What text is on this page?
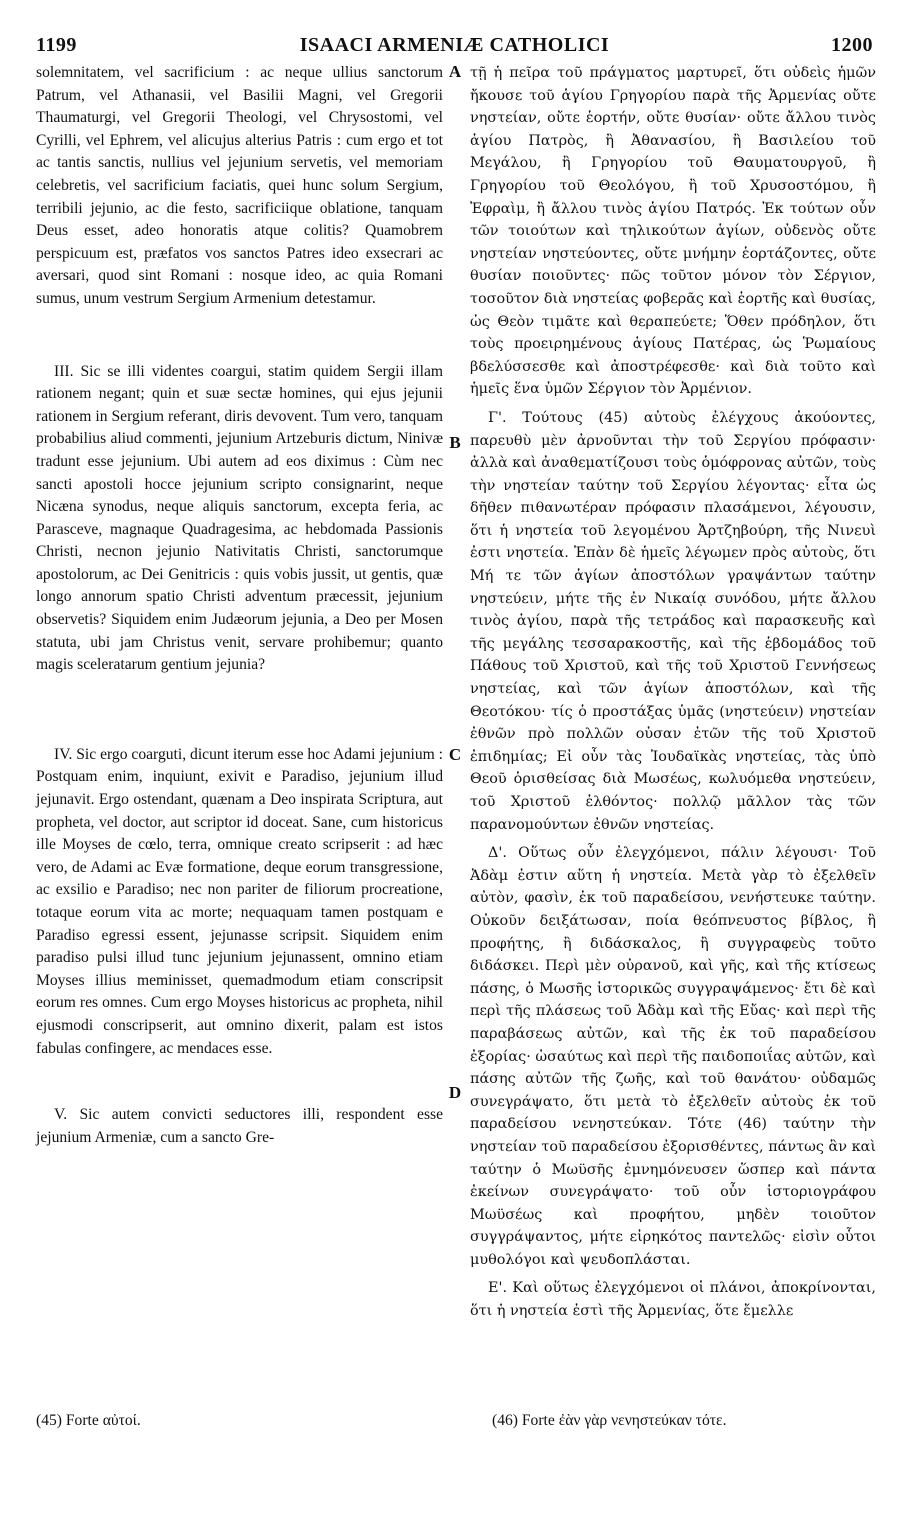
1199	ISAACI ARMENIÆ CATHOLICI	1200

solemnitatem, vel sacrificium : ac neque ullius sanctorum Patrum, vel Athanasii, vel Basilii Magni, vel Gregorii Thaumaturgi, vel Gregorii Theologi, vel Chrysostomi, vel Cyrilli, vel Ephrem, vel alicujus alterius Patris : cum ergo et tot ac tantis sanctis, nullius vel jejunium servetis, vel memoriam celebretis, vel sacrificium faciatis, quei hunc solum Sergium, terribili jejunio, ac die festo, sacrificiique oblatione, tanquam Deus esset, adeo honoratis atque colitis? Quamobrem perspicuum est, præfatos vos sanctos Patres ideo exsecrari ac aversari, quod sint Romani : nosque ideo, ac quia Romani sumus, unum vestrum Sergium Armenium detestamur.

III. Sic se illi videntes coargui, statim quidem Sergii illam rationem negant; quin et suæ sectæ homines, qui ejus jejunii rationem in Sergium referant, diris devovent. Tum vero, tanquam probabilius aliud commenti, jejunium Artzeburis dictum, Ninivæ tradunt esse jejunium. Ubi autem ad eos diximus : Cùm nec sancti apostoli hocce jejunium scripto consignarint, neque Nicæna synodus, neque aliquis sanctorum, excepta feria, ac Parasceve, magnaque Quadragesima, ac hebdomada Passionis Christi, necnon jejunio Nativitatis Christi, sanctorumque apostolorum, ac Dei Genitricis : quis vobis jussit, ut gentis, quæ longo annorum spatio Christi adventum præcessit, jejunium observetis? Siquidem enim Judæorum jejunia, a Deo per Mosen statuta, ubi jam Christus venit, servare prohibemur; quanto magis sceleratarum gentium jejunia?

IV. Sic ergo coarguti, dicunt iterum esse hoc Adami jejunium : Postquam enim, inquiunt, exivit e Paradiso, jejunium illud jejunavit. Ergo ostendant, quænam a Deo inspirata Scriptura, aut propheta, vel doctor, aut scriptor id doceat. Sane, cum historicus ille Moyses de cœlo, terra, omnique creato scripserit : ad hæc vero, de Adami ac Evæ formatione, deque eorum transgressione, ac exsilio e Paradiso; nec non pariter de filiorum procreatione, totaque eorum vita ac morte; nequaquam tamen postquam e Paradiso egressi essent, jejunasse scripsit. Siquidem enim paradiso pulsi illud tunc jejunium jejunassent, omnino etiam Moyses illius meminisset, quemadmodum etiam conscripsit eorum res omnes. Cum ergo Moyses historicus ac propheta, nihil ejusmodi conscripserit, aut omnino dixerit, palam est istos fabulas confingere, ac mendaces esse.

V. Sic autem convicti seductores illi, respondent esse jejunium Armeniæ, cum a sancto Gre-

A
B
C
D

τῇ ἡ πεῖρα τοῦ πράγματος μαρτυρεῖ, ὅτι οὐδεὶς ἡμῶν ἤκουσε τοῦ ἁγίου Γρηγορίου παρὰ τῆς Ἀρμενίας οὔτε νηστείαν, οὔτε ἑορτήν, οὔτε θυσίαν· οὔτε ἄλλου τινὸς ἁγίου Πατρὸς, ἢ Ἀθανασίου, ἢ Βασιλείου τοῦ Μεγάλου, ἢ Γρηγορίου τοῦ Θαυματουργοῦ, ἢ Γρηγορίου τοῦ Θεολόγου, ἢ τοῦ Χρυσοστόμου, ἢ Ἐφραὶμ, ἢ ἄλλου τινὸς ἁγίου Πατρός. Ἐκ τούτων οὖν τῶν τοιούτων καὶ τηλικούτων ἁγίων, οὐδενὸς οὔτε νηστείαν νηστεύοντες, οὔτε μνήμην ἑορτάζοντες, οὔτε θυσίαν ποιοῦντες· πῶς τοῦτον μόνον τὸν Σέργιον, τοσοῦτον διὰ νηστείας φοβερᾶς καὶ ἑορτῆς καὶ θυσίας, ὡς Θεὸν τιμᾶτε καὶ θεραπεύετε; Ὅθεν πρόδηλον, ὅτι τοὺς προειρημένους ἁγίους Πατέρας, ὡς Ῥωμαίους βδελύσσεσθε καὶ ἀποστρέφεσθε· καὶ διὰ τοῦτο καὶ ἡμεῖς ἕνα ὑμῶν Σέργιον τὸν Ἀρμένιον.

Γ'. Τούτους (45) αὐτοὺς ἐλέγχους ἀκούοντες, παρευθὺ μὲν ἀρνοῦνται τὴν τοῦ Σεργίου πρόφασιν· ἀλλὰ καὶ ἀναθεματίζουσι τοὺς ὁμόφρονας αὐτῶν, τοὺς τὴν νηστείαν ταύτην τοῦ Σεργίου λέγοντας· εἶτα ὡς δῆθεν πιθανωτέραν πρόφασιν πλασάμενοι, λέγουσιν, ὅτι ἡ νηστεία τοῦ λεγομένου Ἀρτζηβούρη, τῆς Νινευὶ ἐστι νηστεία. Ἐπὰν δὲ ἡμεῖς λέγωμεν πρὸς αὐτοὺς, ὅτι Μή τε τῶν ἁγίων ἀποστόλων γραψάντων ταύτην νηστεύειν, μήτε τῆς ἐν Νικαίᾳ συνόδου, μήτε ἄλλου τινὸς ἁγίου, παρὰ τῆς τετράδος καὶ παρασκευῆς καὶ τῆς μεγάλης τεσσαρακοστῆς, καὶ τῆς ἑβδομάδος τοῦ Πάθους τοῦ Χριστοῦ, καὶ τῆς τοῦ Χριστοῦ Γεννήσεως νηστείας, καὶ τῶν ἁγίων ἀποστόλων, καὶ τῆς Θεοτόκου· τίς ὁ προστάξας ὑμᾶς (νηστεύειν) νηστείαν ἐθνῶν πρὸ πολλῶν οὐσαν ἐτῶν τῆς τοῦ Χριστοῦ ἐπιδημίας; Εἰ οὖν τὰς Ἰουδαϊκὰς νηστείας, τὰς ὑπὸ Θεοῦ ὁρισθείσας διὰ Μωσέως, κωλυόμεθα νηστεύειν, τοῦ Χριστοῦ ἐλθόντος· πολλῷ μᾶλλον τὰς τῶν παρανομούντων ἐθνῶν νηστείας.

Δ'. Οὕτως οὖν ἐλεγχόμενοι, πάλιν λέγουσι· Τοῦ Ἀδὰμ ἐστιν αὕτη ἡ νηστεία. Μετὰ γὰρ τὸ ἐξελθεῖν αὐτὸν, φασὶν, ἐκ τοῦ παραδείσου, νενήστευκε ταύτην. Οὐκοῦν δειξάτωσαν, ποία θεόπνευστος βίβλος, ἢ προφήτης, ἢ διδάσκαλος, ἢ συγγραφεὺς τοῦτο διδάσκει. Περὶ μὲν οὐρανοῦ, καὶ γῆς, καὶ τῆς κτίσεως πάσης, ὁ Μωσῆς ἱστορικῶς συγγραψάμενος· ἔτι δὲ καὶ περὶ τῆς πλάσεως τοῦ Ἀδὰμ καὶ τῆς Εὔας· καὶ περὶ τῆς παραβάσεως αὐτῶν, καὶ τῆς ἐκ τοῦ παραδείσου ἐξορίας· ὡσαύτως καὶ περὶ τῆς παιδοποιΐας αὐτῶν, καὶ πάσης αὐτῶν τῆς ζωῆς, καὶ τοῦ θανάτου· οὐδαμῶς συνεγράψατο, ὅτι μετὰ τὸ ἐξελθεῖν αὐτοὺς ἐκ τοῦ παραδείσου νενηστεύκαν. Τότε (46) ταύτην τὴν νηστείαν τοῦ παραδείσου ἐξορισθέντες, πάντως ἂν καὶ ταύτην ὁ Μωϋσῆς ἐμνημόνευσεν ὥσπερ καὶ πάντα ἐκείνων συνεγράψατο· τοῦ οὖν ἱστοριογράφου Μωϋσέως καὶ προφήτου, μηδὲν τοιοῦτον συγγράψαντος, μήτε εἰρηκότος παντελῶς· εἰσὶν οὗτοι μυθολόγοι καὶ ψευδοπλάσται.

Ε'. Καὶ οὕτως ἐλεγχόμενοι οἱ πλάνοι, ἀποκρίνονται, ὅτι ἡ νηστεία ἐστὶ τῆς Ἀρμενίας, ὅτε ἔμελλε

(45) Forte αὐτοί.	(46) Forte ἐὰν γὰρ νενηστεύκαν τότε.
